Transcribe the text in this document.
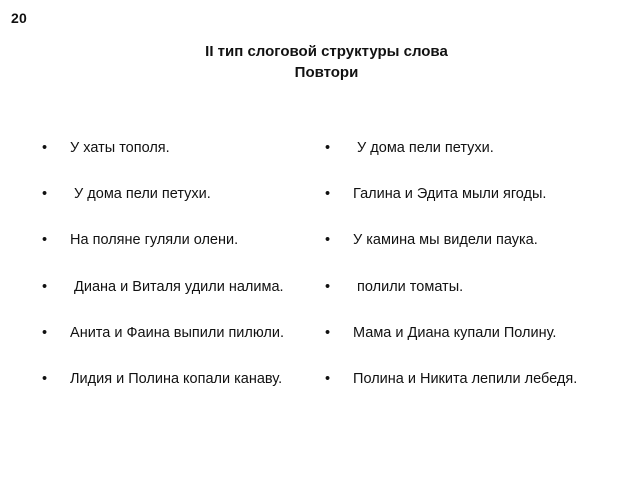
20
II тип слоговой структуры слова
Повтори
• У хаты тополя.
• У дома пели петухи.
• На поляне гуляли олени.
• Диана и Виталя удили налима.
• Анита и Фаина выпили пилюли.
• Лидия и Полина копали канаву.
• У дома пели петухи.
• Галина и Эдита мыли ягоды.
• У камина мы видели паука.
• полили томаты.
• Мама и Диана купали Полину.
• Полина и Никита лепили лебедя.
